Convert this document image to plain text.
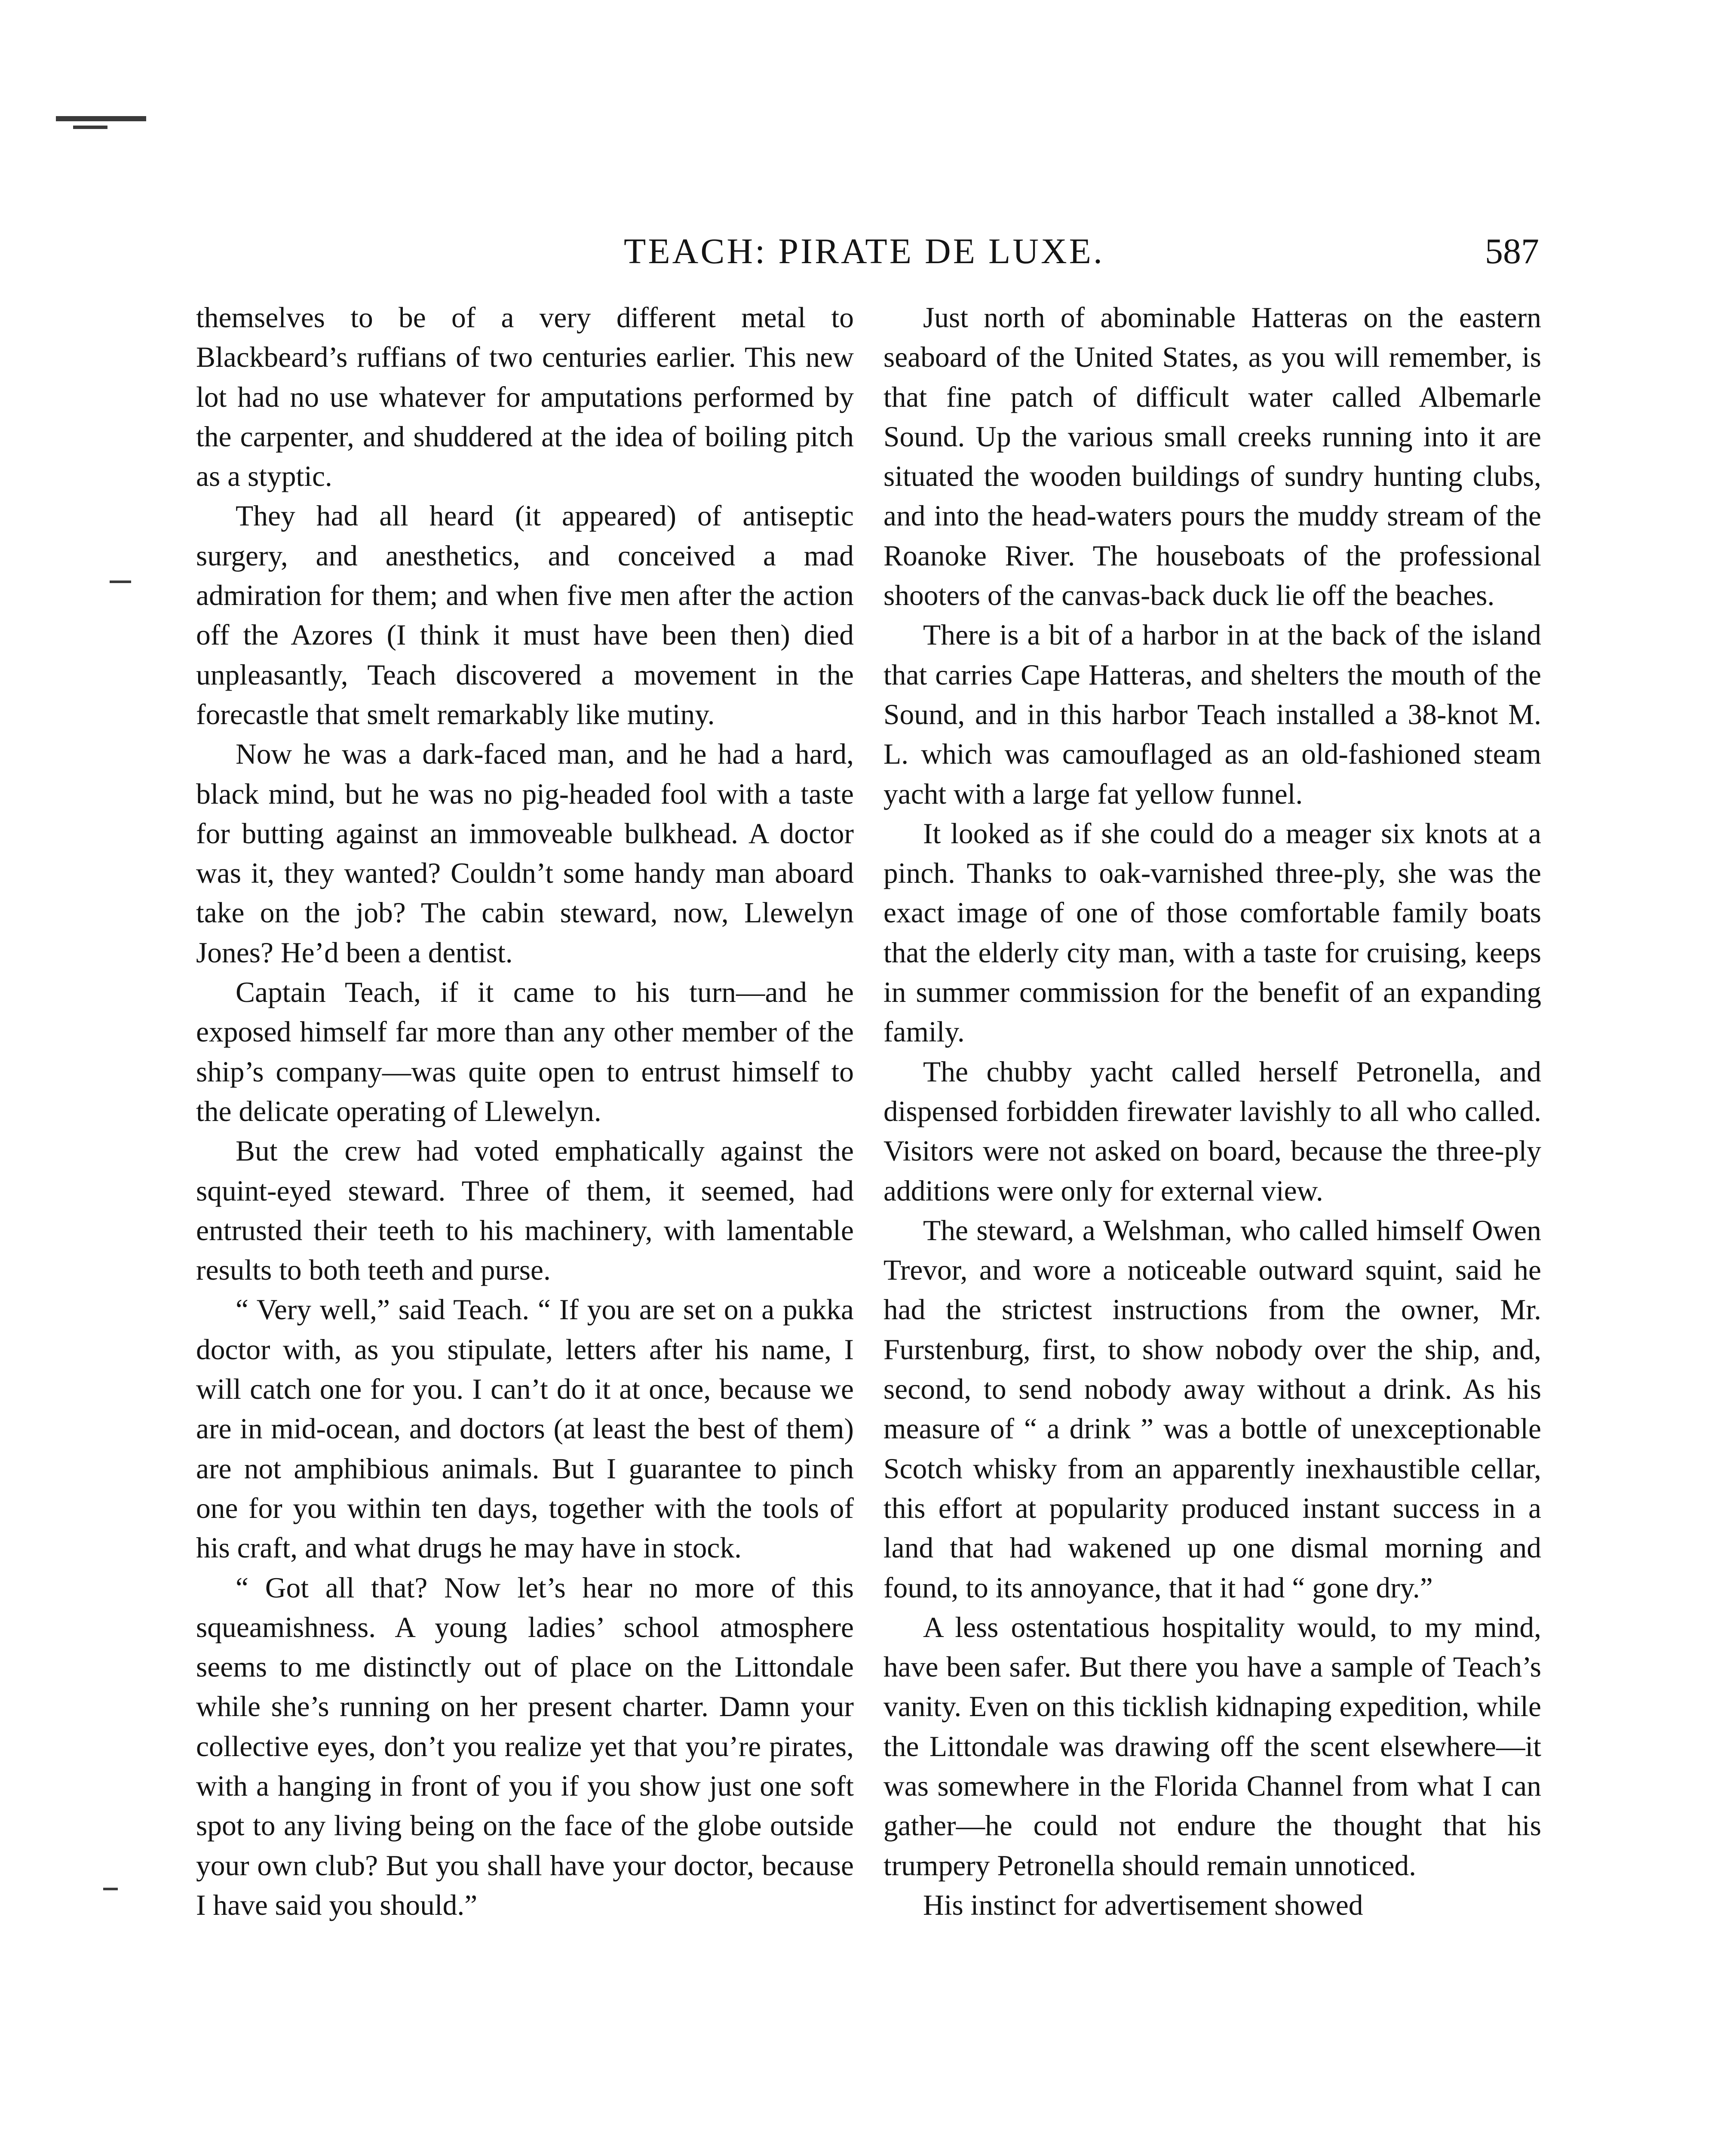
TEACH: PIRATE DE LUXE.	587

themselves to be of a very different metal to Blackbeard’s ruffians of two centuries earlier. This new lot had no use whatever for amputations performed by the carpenter, and shuddered at the idea of boiling pitch as a styptic.

They had all heard (it appeared) of antiseptic surgery, and anesthetics, and conceived a mad admiration for them; and when five men after the action off the Azores (I think it must have been then) died unpleasantly, Teach discovered a movement in the forecastle that smelt remarkably like mutiny.

Now he was a dark-faced man, and he had a hard, black mind, but he was no pig-headed fool with a taste for butting against an immoveable bulkhead. A doctor was it, they wanted? Couldn’t some handy man aboard take on the job? The cabin steward, now, Llewelyn Jones? He’d been a dentist.

Captain Teach, if it came to his turn—and he exposed himself far more than any other member of the ship’s company—was quite open to entrust himself to the delicate operating of Llewelyn.

But the crew had voted emphatically against the squint-eyed steward. Three of them, it seemed, had entrusted their teeth to his machinery, with lamentable results to both teeth and purse.

“ Very well,” said Teach. “ If you are set on a pukka doctor with, as you stipulate, letters after his name, I will catch one for you. I can’t do it at once, because we are in mid-ocean, and doctors (at least the best of them) are not amphibious animals. But I guarantee to pinch one for you within ten days, together with the tools of his craft, and what drugs he may have in stock.

“ Got all that? Now let’s hear no more of this squeamishness. A young ladies’ school atmosphere seems to me distinctly out of place on the Littondale while she’s running on her present charter. Damn your collective eyes, don’t you realize yet that you’re pirates, with a hanging in front of you if you show just one soft spot to any living being on the face of the globe outside your own club? But you shall have your doctor, because I have said you should.”

Just north of abominable Hatteras on the eastern seaboard of the United States, as you will remember, is that fine patch of difficult water called Albemarle Sound. Up the various small creeks running into it are situated the wooden buildings of sundry hunting clubs, and into the head-waters pours the muddy stream of the Roanoke River. The houseboats of the professional shooters of the canvas-back duck lie off the beaches.

There is a bit of a harbor in at the back of the island that carries Cape Hatteras, and shelters the mouth of the Sound, and in this harbor Teach installed a 38-knot M. L. which was camouflaged as an old-fashioned steam yacht with a large fat yellow funnel.

It looked as if she could do a meager six knots at a pinch. Thanks to oak-varnished three-ply, she was the exact image of one of those comfortable family boats that the elderly city man, with a taste for cruising, keeps in summer commission for the benefit of an expanding family.

The chubby yacht called herself Petronella, and dispensed forbidden firewater lavishly to all who called. Visitors were not asked on board, because the three-ply additions were only for external view.

The steward, a Welshman, who called himself Owen Trevor, and wore a noticeable outward squint, said he had the strictest instructions from the owner, Mr. Furstenburg, first, to show nobody over the ship, and, second, to send nobody away without a drink. As his measure of “ a drink ” was a bottle of unexceptionable Scotch whisky from an apparently inexhaustible cellar, this effort at popularity produced instant success in a land that had wakened up one dismal morning and found, to its annoyance, that it had “ gone dry.”

A less ostentatious hospitality would, to my mind, have been safer. But there you have a sample of Teach’s vanity. Even on this ticklish kidnaping expedition, while the Littondale was drawing off the scent elsewhere—it was somewhere in the Florida Channel from what I can gather—he could not endure the thought that his trumpery Petronella should remain unnoticed.

His instinct for advertisement showed
